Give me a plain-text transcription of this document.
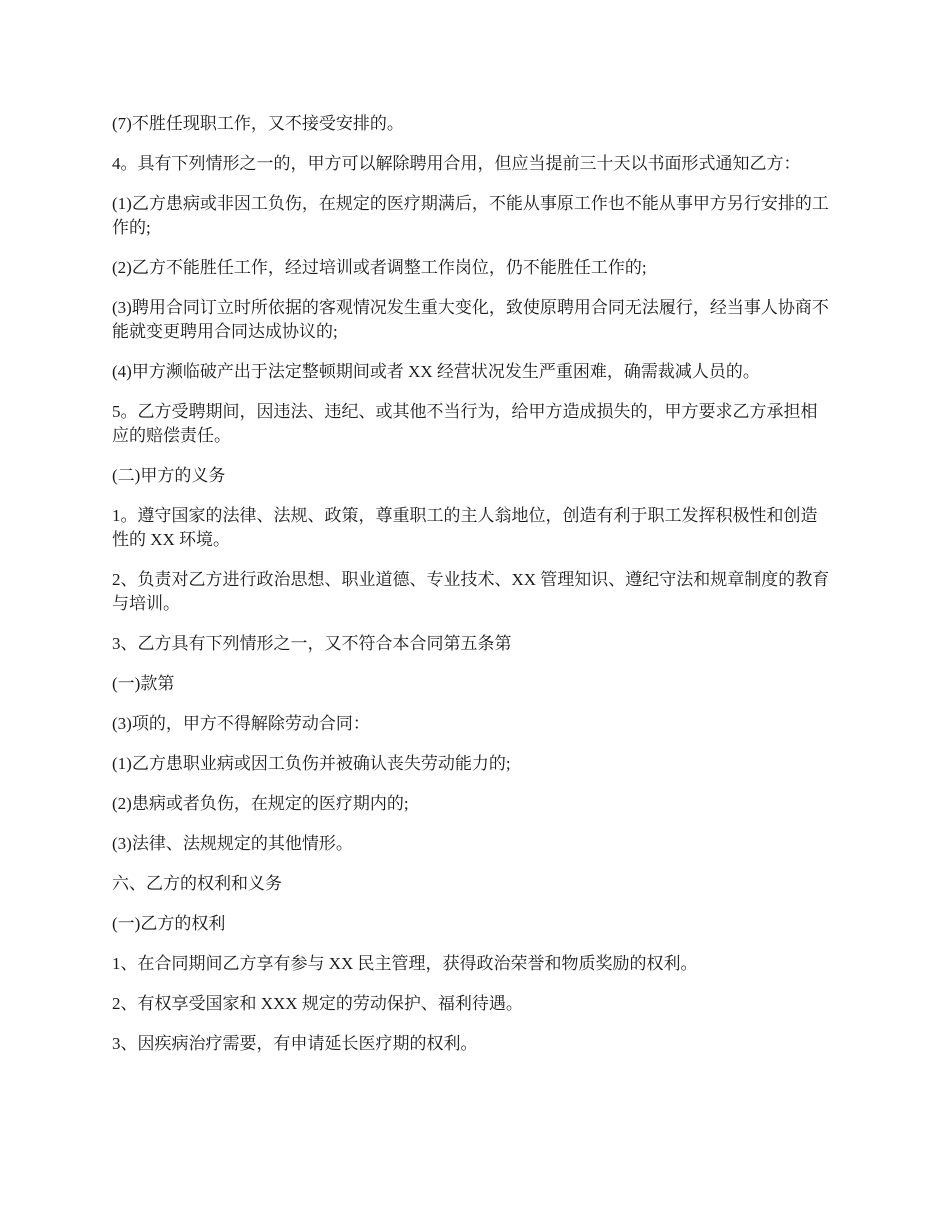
(7)不胜任现职工作，又不接受安排的。

4。具有下列情形之一的，甲方可以解除聘用合用，但应当提前三十天以书面形式通知乙方：

(1)乙方患病或非因工负伤，在规定的医疗期满后，不能从事原工作也不能从事甲方另行安排的工作的;

(2)乙方不能胜任工作，经过培训或者调整工作岗位，仍不能胜任工作的;

(3)聘用合同订立时所依据的客观情况发生重大变化，致使原聘用合同无法履行，经当事人协商不能就变更聘用合同达成协议的;

(4)甲方濒临破产出于法定整顿期间或者 XX 经营状况发生严重困难，确需裁减人员的。

5。乙方受聘期间，因违法、违纪、或其他不当行为，给甲方造成损失的，甲方要求乙方承担相应的赔偿责任。

(二)甲方的义务

1。遵守国家的法律、法规、政策，尊重职工的主人翁地位，创造有利于职工发挥积极性和创造性的 XX 环境。

2、负责对乙方进行政治思想、职业道德、专业技术、XX 管理知识、遵纪守法和规章制度的教育与培训。

3、乙方具有下列情形之一，又不符合本合同第五条第

(一)款第

(3)项的，甲方不得解除劳动合同：

(1)乙方患职业病或因工负伤并被确认丧失劳动能力的;

(2)患病或者负伤，在规定的医疗期内的;

(3)法律、法规规定的其他情形。

六、乙方的权利和义务

(一)乙方的权利

1、在合同期间乙方享有参与 XX 民主管理，获得政治荣誉和物质奖励的权利。

2、有权享受国家和 XXX 规定的劳动保护、福利待遇。

3、因疾病治疗需要，有申请延长医疗期的权利。
